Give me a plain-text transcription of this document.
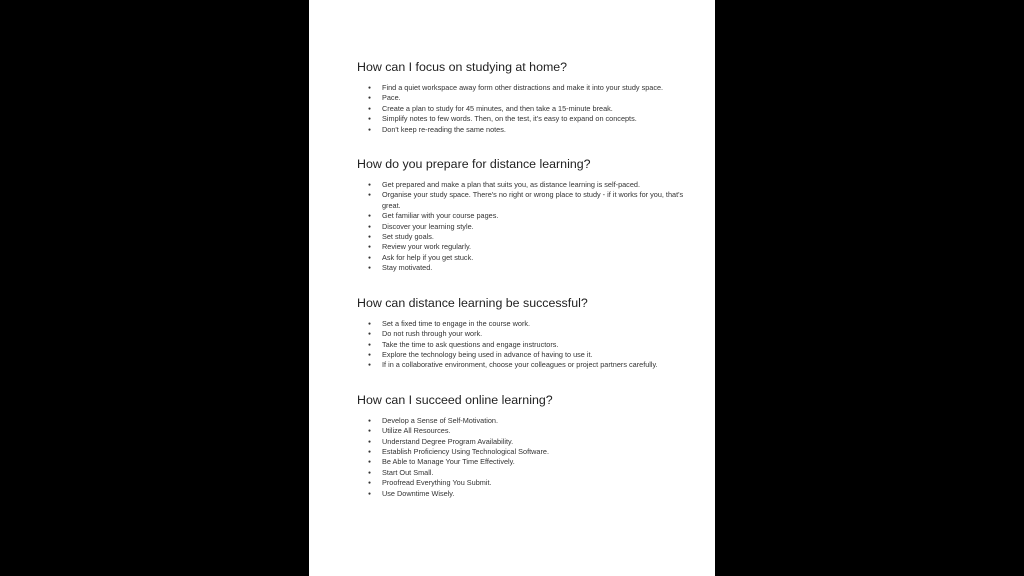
How can I focus on studying at home?
● Find a quiet workspace away form other distractions and make it into your study space.
● Pace.
● Create a plan to study for 45 minutes, and then take a 15-minute break.
● Simplify notes to few words. Then, on the test, it's easy to expand on concepts.
● Don't keep re-reading the same notes.
How do you prepare for distance learning?
● Get prepared and make a plan that suits you, as distance learning is self-paced.
● Organise your study space. There's no right or wrong place to study - if it works for you, that's great.
● Get familiar with your course pages.
● Discover your learning style.
● Set study goals.
● Review your work regularly.
● Ask for help if you get stuck.
● Stay motivated.
How can distance learning be successful?
● Set a fixed time to engage in the course work.
● Do not rush through your work.
● Take the time to ask questions and engage instructors.
● Explore the technology being used in advance of having to use it.
● If in a collaborative environment, choose your colleagues or project partners carefully.
How can I succeed online learning?
● Develop a Sense of Self-Motivation.
● Utilize All Resources.
● Understand Degree Program Availability.
● Establish Proficiency Using Technological Software.
● Be Able to Manage Your Time Effectively.
● Start Out Small.
● Proofread Everything You Submit.
● Use Downtime Wisely.
